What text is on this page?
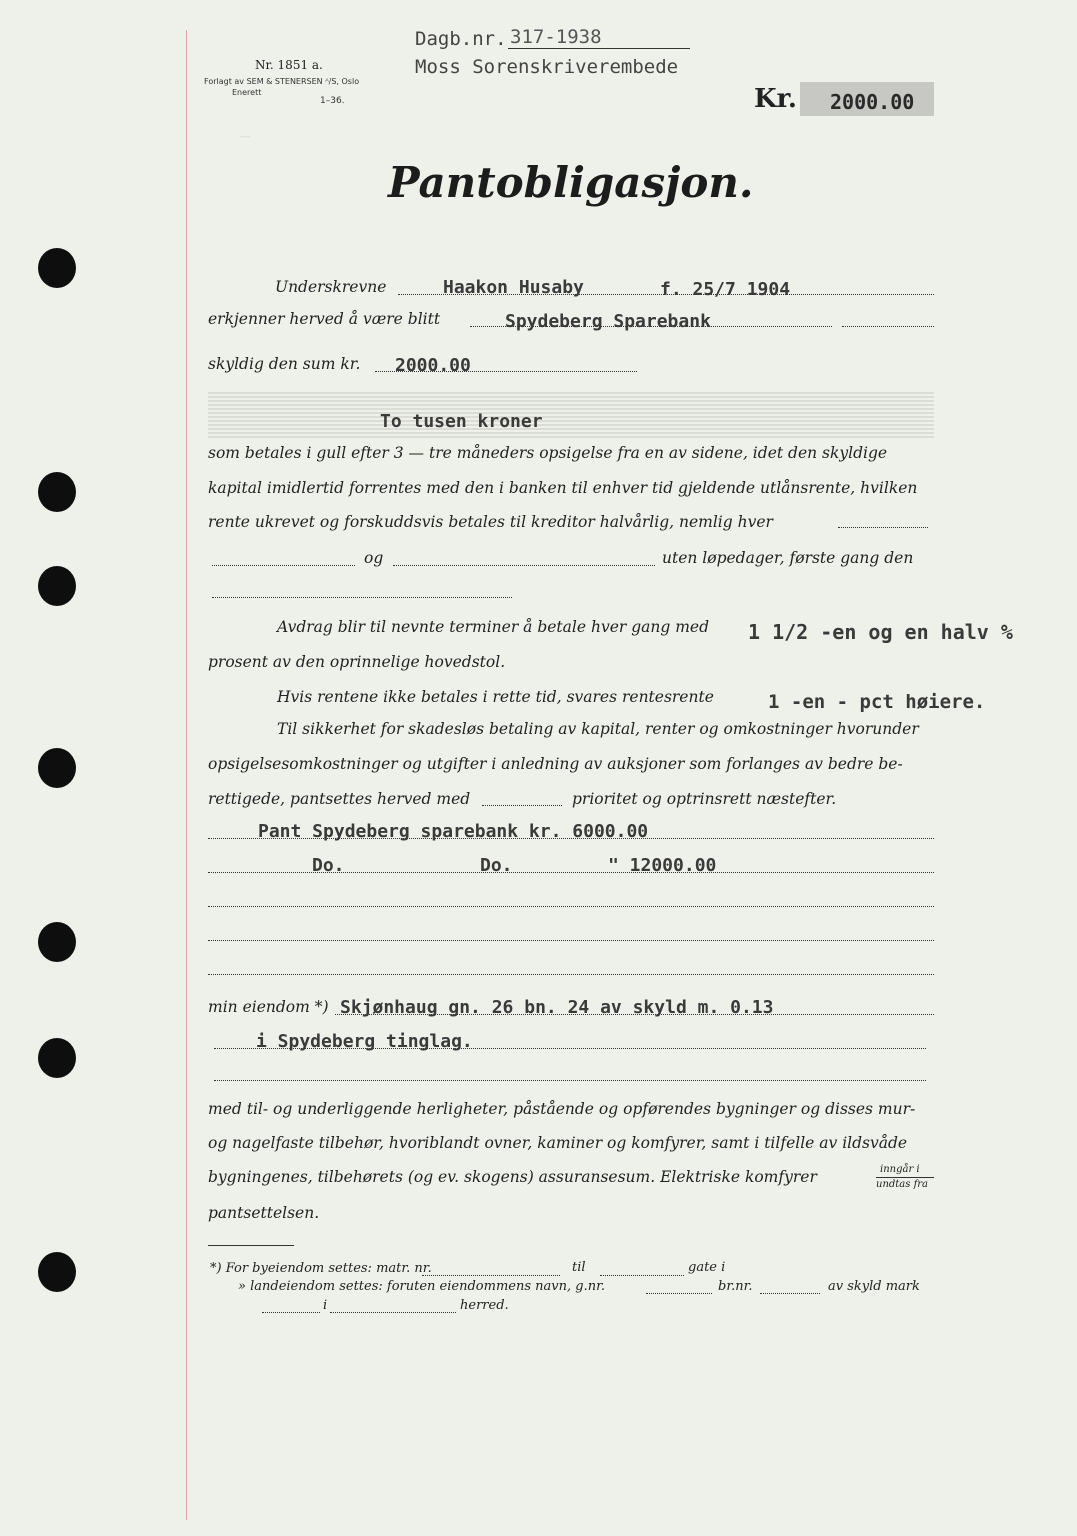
Nr. 1851 a.
Forlagt av SEM & STENERSEN ᴬ/S, Oslo
Enerett
1–36.
Dagb.nr. 317-1938
Moss Sorenskriverembede
Kr. 2000.00
—
Pantobligasjon.
Underskrevne	Haakon Husaby	f. 25/7 1904
erkjenner herved å være blitt	Spydeberg Sparebank
skyldig den sum kr. 2000.00
To tusen kroner
som betales i gull efter 3 — tre måneders opsigelse fra en av sidene, idet den skyldige
kapital imidlertid forrentes med den i banken til enhver tid gjeldende utlånsrente, hvilken
rente ukrevet og forskuddsvis betales til kreditor halvårlig, nemlig hver
og	uten løpedager, første gang den
Avdrag blir til nevnte terminer å betale hver gang med 1 1/2 -en og en halv %
prosent av den oprinnelige hovedstol.
Hvis rentene ikke betales i rette tid, svares rentesrente	1 -en - pct høiere.
Til sikkerhet for skadesløs betaling av kapital, renter og omkostninger hvorunder
opsigelsesomkostninger og utgifter i anledning av auksjoner som forlanges av bedre be-
rettigede, pantsettes herved med	prioritet og optrinsrett næstefter.
Pant Spydeberg sparebank kr. 6000.00
Do.	Do.	" 12000.00
min eiendom *) Skjønhaug gn. 26 bn. 24 av skyld m. 0.13
i Spydeberg tinglag.
med til- og underliggende herligheter, påstående og opførendes bygninger og disses mur-
og nagelfaste tilbehør, hvoriblandt ovner, kaminer og komfyrer, samt i tilfelle av ildsvåde
bygningenes, tilbehørets (og ev. skogens) assuransesum. Elektriske komfyrer	inngår i
undtas fra
pantsettelsen.
*) For byeiendom settes: matr. nr.	til	gate i
» landeiendom settes: foruten eiendommens navn, g.nr.	br.nr.	av skyld mark
i	herred.
